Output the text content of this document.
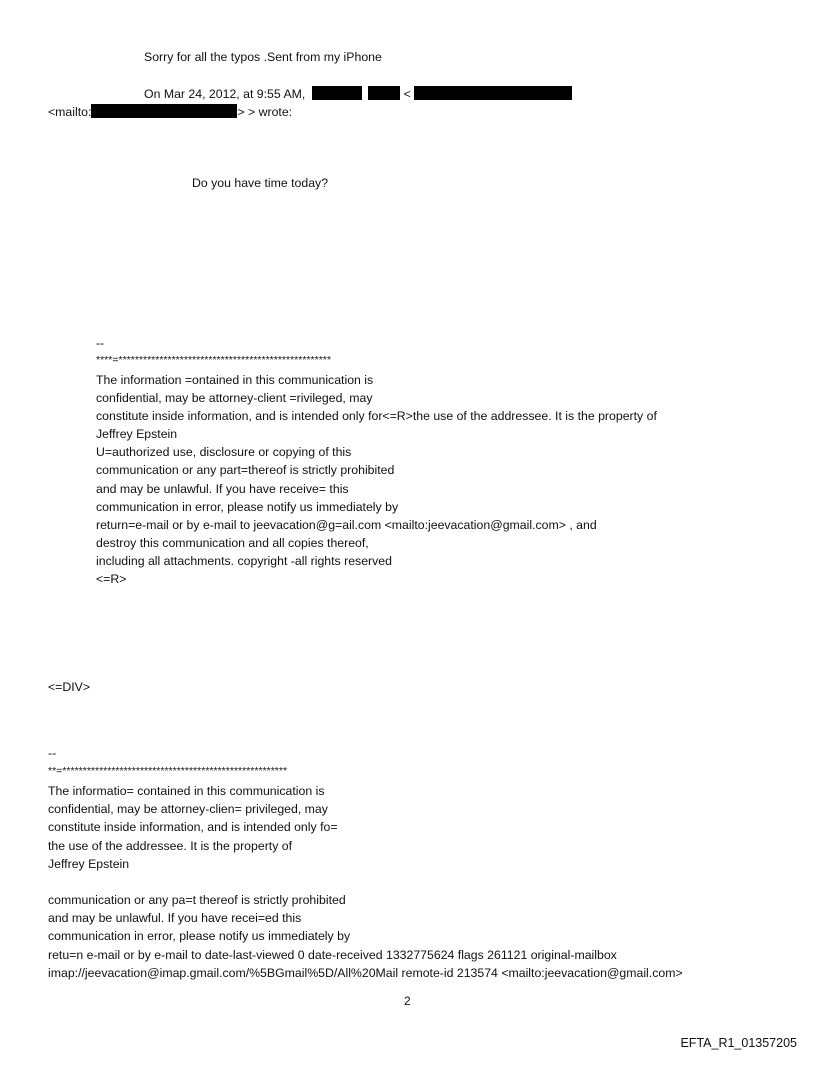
Sorry for all the typos .Sent from my iPhone
On Mar 24, 2012, at 9:55 AM,	<
<mailto:	> > wrote:
Do you have time today?
--
****=****************************************************
The information =ontained in this communication is
confidential, may be attorney-client =rivileged, may
constitute inside information, and is intended only for<=R>the use of the addressee. It is the property of
Jeffrey Epstein
U=authorized use, disclosure or copying of this
communication or any part=thereof is strictly prohibited
and may be unlawful. If you have receive= this
communication in error, please notify us immediately by
return=e-mail or by e-mail to jeevacation@g=ail.com <mailto:jeevacation@gmail.com> , and
destroy this communication and all copies thereof,
including all attachments. copyright -all rights reserved
<=R>
<=DIV>
--
**=*******************************************************
The informatio= contained in this communication is
confidential, may be attorney-clien= privileged, may
constitute inside information, and is intended only fo=
the use of the addressee. It is the property of
Jeffrey Epstein
communication or any pa=t thereof is strictly prohibited
and may be unlawful. If you have recei=ed this
communication in error, please notify us immediately by
retu=n e-mail or by e-mail to date-last-viewed 0 date-received 1332775624 flags 261121 original-mailbox
imap://jeevacation@imap.gmail.com/%5BGmail%5D/All%20Mail remote-id 213574 <mailto:jeevacation@gmail.com>
2
EFTA_R1_01357205
